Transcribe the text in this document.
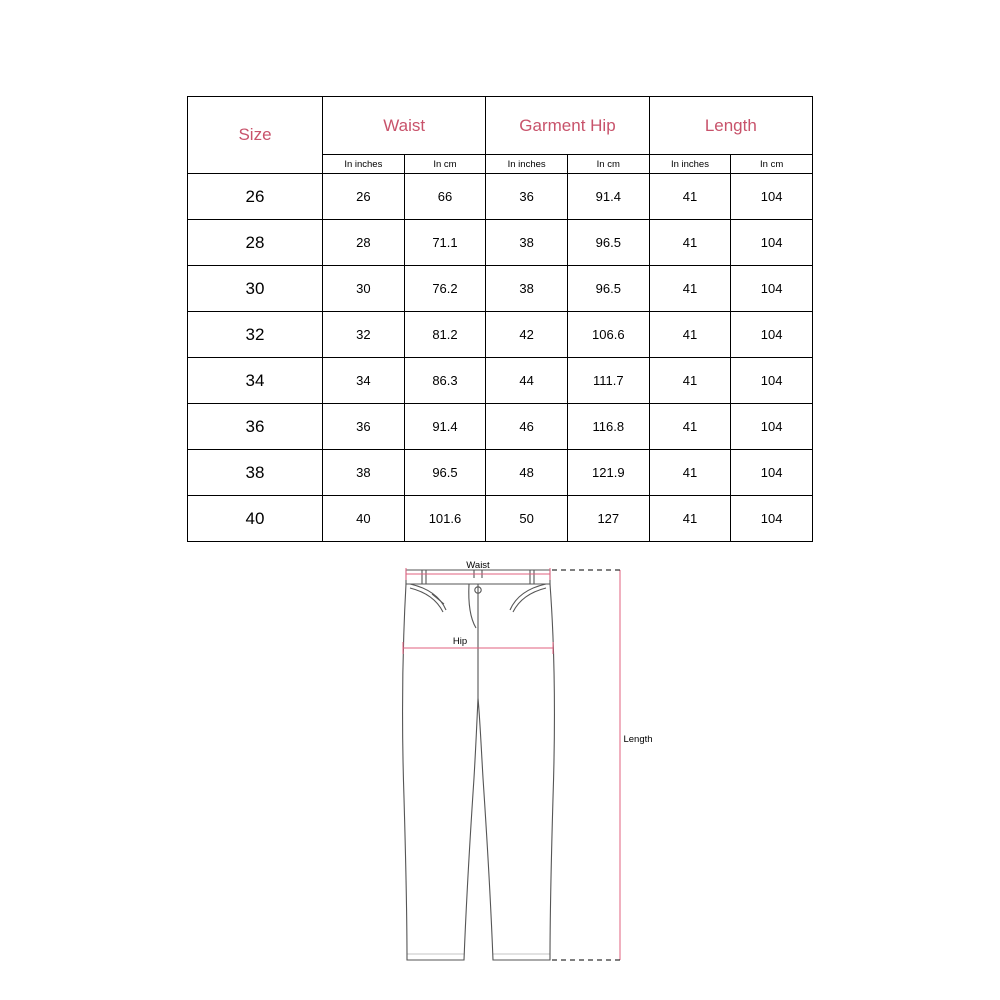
Size	Waist		Garment Hip		Length	
	In inches	In cm	In inches	In cm	In inches	In cm
26	26	66	36	91.4	41	104
28	28	71.1	38	96.5	41	104
30	30	76.2	38	96.5	41	104
32	32	81.2	42	106.6	41	104
34	34	86.3	44	111.7	41	104
36	36	91.4	46	116.8	41	104
38	38	96.5	48	121.9	41	104
40	40	101.6	50	127	41	104
Waist
Hip
Length
